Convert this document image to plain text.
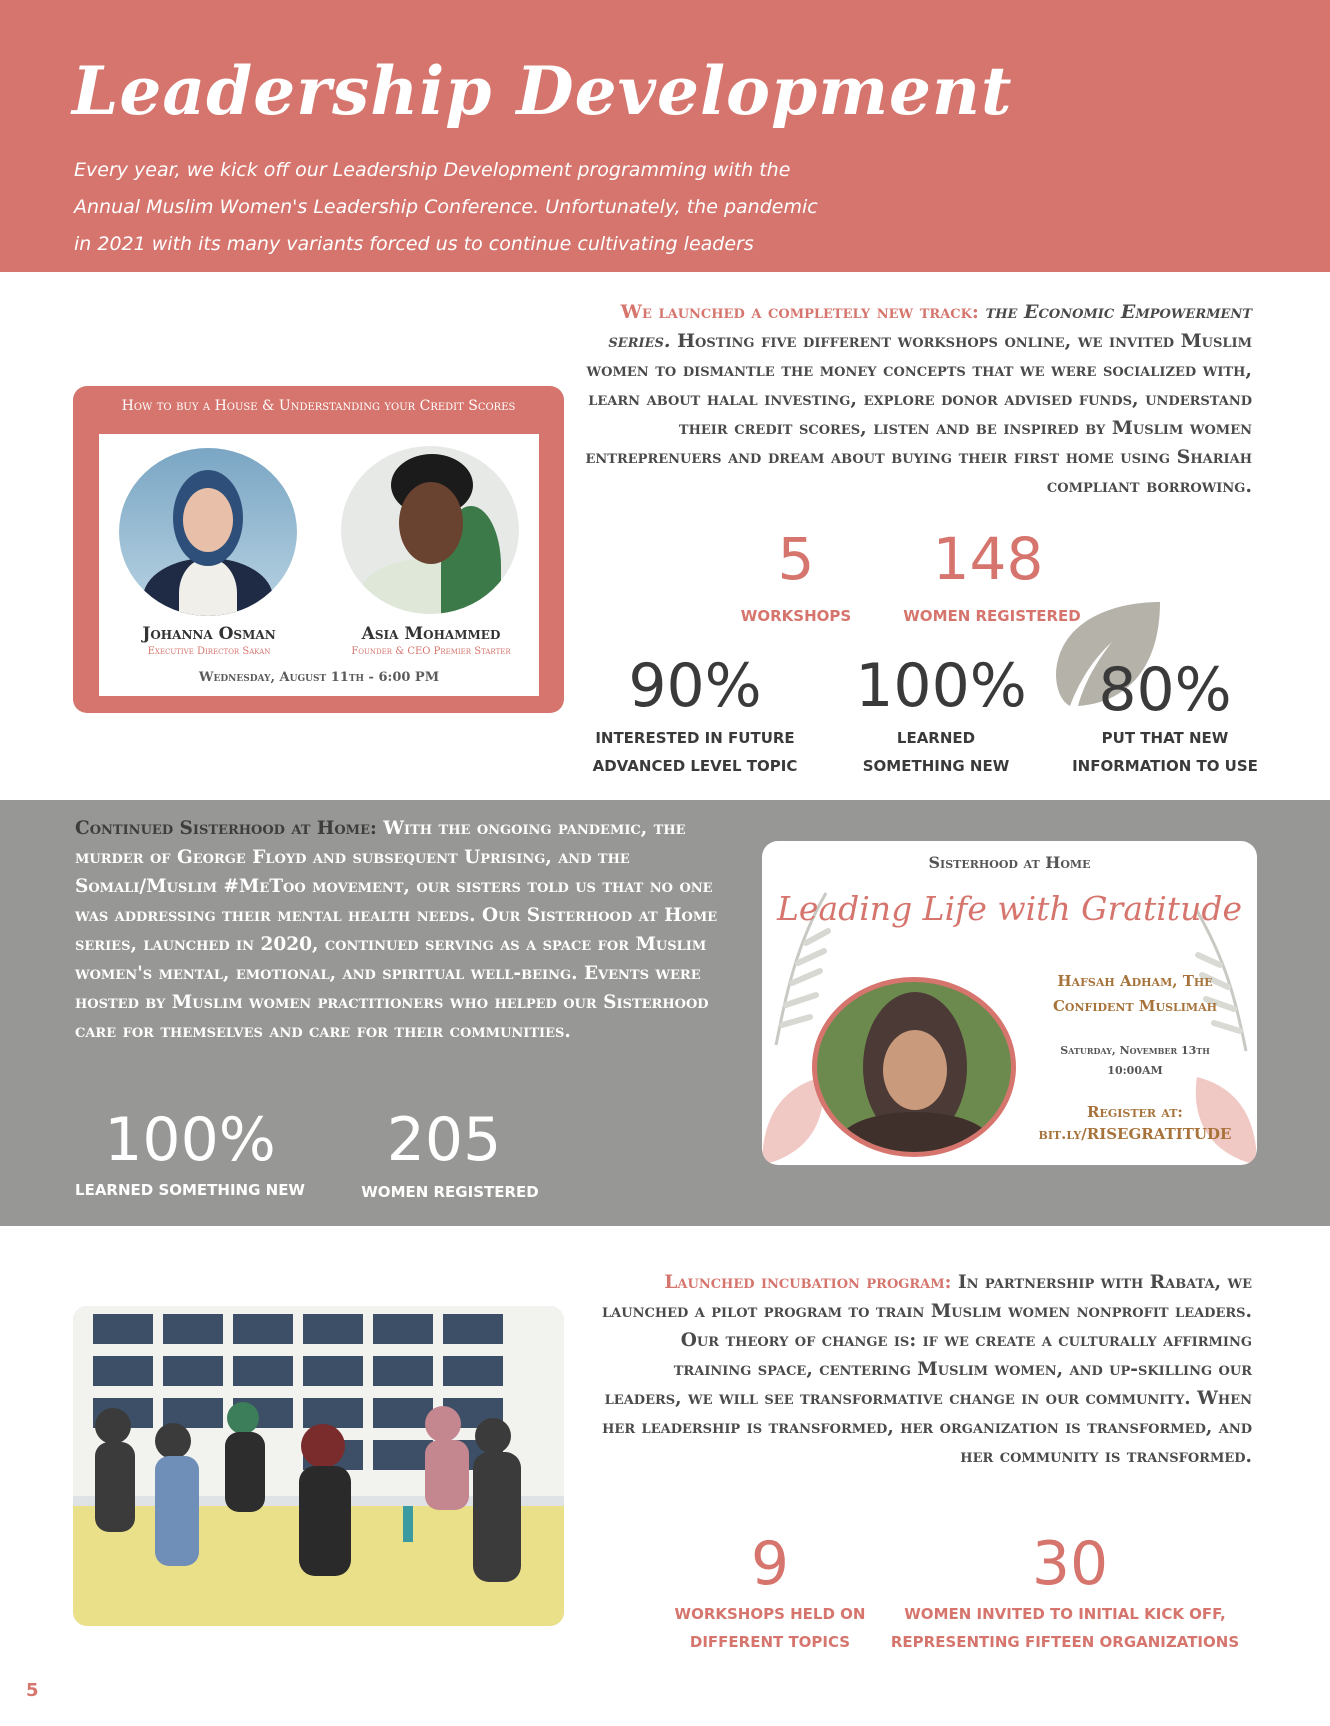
Leadership Development
Every year, we kick off our Leadership Development programming with the Annual Muslim Women's Leadership Conference. Unfortunately, the pandemic in 2021 with its many variants forced us to continue cultivating leaders digitally.
We launched a completely new track: the Economic Empowerment series. Hosting five different workshops online, we invited Muslim women to dismantle the money concepts that we were socialized with, learn about halal investing, explore donor advised funds, understand their credit scores, listen and be inspired by Muslim women entreprenuers and dream about buying their first home using Shariah compliant borrowing.
How to buy a House & Understanding your Credit Scores
Johanna Osman
Executive Director Sakan
Asia Mohammed
Founder & CEO Premier Starter
Wednesday, August 11th - 6:00 PM
5
WORKSHOPS
148
WOMEN REGISTERED
90%
INTERESTED IN FUTURE
ADVANCED LEVEL TOPIC
100%
LEARNED
SOMETHING NEW
80%
PUT THAT NEW
INFORMATION TO USE
Continued Sisterhood at Home: With the ongoing pandemic, the murder of George Floyd and subsequent Uprising, and the Somali/Muslim #MeToo movement, our sisters told us that no one was addressing their mental health needs. Our Sisterhood at Home series, launched in 2020, continued serving as a space for Muslim women's mental, emotional, and spiritual well-being. Events were hosted by Muslim women practitioners who helped our Sisterhood care for themselves and care for their communities.
100%
LEARNED SOMETHING NEW
205
WOMEN REGISTERED
Sisterhood at Home
Leading Life with Gratitude
Hafsah Adham, The
Confident Muslimah
Saturday, November 13th
10:00AM
Register at:
bit.ly/RISEGRATITUDE
Launched incubation program: In partnership with Rabata, we launched a pilot program to train Muslim women nonprofit leaders. Our theory of change is: if we create a culturally affirming training space, centering Muslim women, and up-skilling our leaders, we will see transformative change in our community. When her leadership is transformed, her organization is transformed, and her community is transformed.
9
WORKSHOPS HELD ON
DIFFERENT TOPICS
30
WOMEN INVITED TO INITIAL KICK OFF,
REPRESENTING FIFTEEN ORGANIZATIONS
5
